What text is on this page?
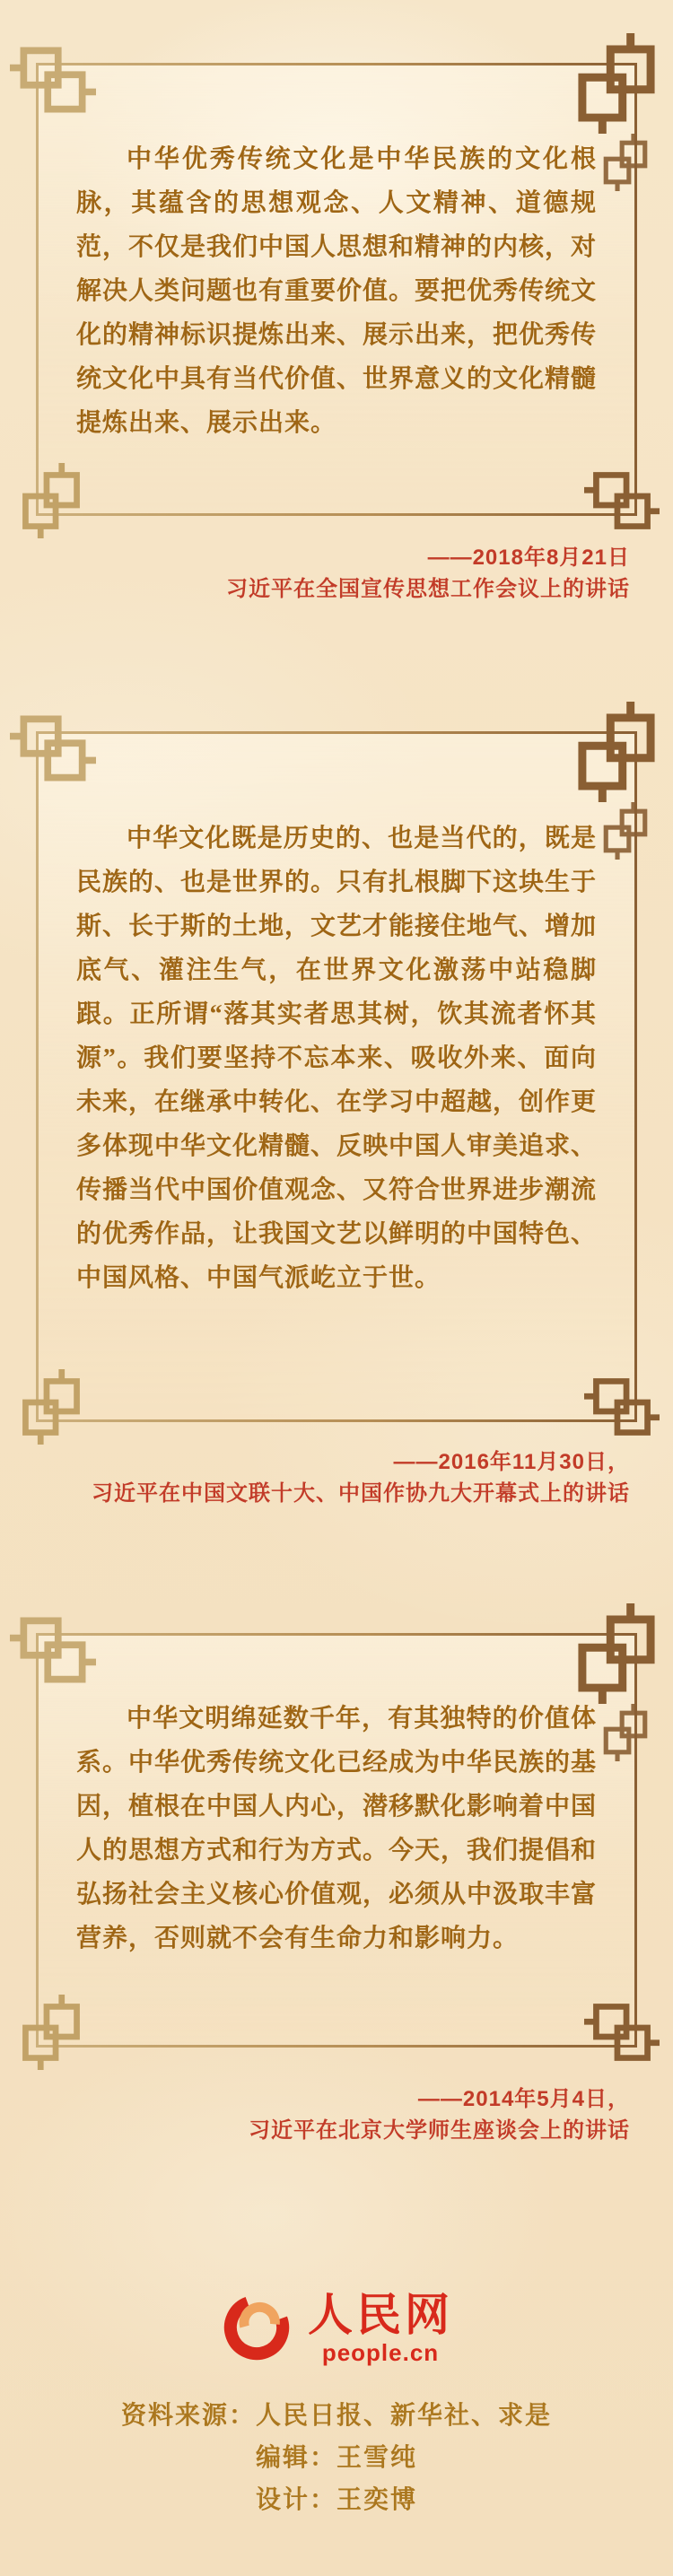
中华优秀传统文化是中华民族的文化根脉，其蕴含的思想观念、人文精神、道德规范，不仅是我们中国人思想和精神的内核，对解决人类问题也有重要价值。要把优秀传统文化的精神标识提炼出来、展示出来，把优秀传统文化中具有当代价值、世界意义的文化精髓提炼出来、展示出来。

——2018年8月21日
习近平在全国宣传思想工作会议上的讲话

中华文化既是历史的、也是当代的，既是民族的、也是世界的。只有扎根脚下这块生于斯、长于斯的土地，文艺才能接住地气、增加底气、灌注生气，在世界文化激荡中站稳脚跟。正所谓“落其实者思其树，饮其流者怀其源”。我们要坚持不忘本来、吸收外来、面向未来，在继承中转化、在学习中超越，创作更多体现中华文化精髓、反映中国人审美追求、传播当代中国价值观念、又符合世界进步潮流的优秀作品，让我国文艺以鲜明的中国特色、中国风格、中国气派屹立于世。

——2016年11月30日，
习近平在中国文联十大、中国作协九大开幕式上的讲话

中华文明绵延数千年，有其独特的价值体系。中华优秀传统文化已经成为中华民族的基因，植根在中国人内心，潜移默化影响着中国人的思想方式和行为方式。今天，我们提倡和弘扬社会主义核心价值观，必须从中汲取丰富营养，否则就不会有生命力和影响力。

——2014年5月4日，
习近平在北京大学师生座谈会上的讲话
人民网
people.cn
资料来源：人民日报、新华社、求是
编辑：王雪纯
设计：王奕博
